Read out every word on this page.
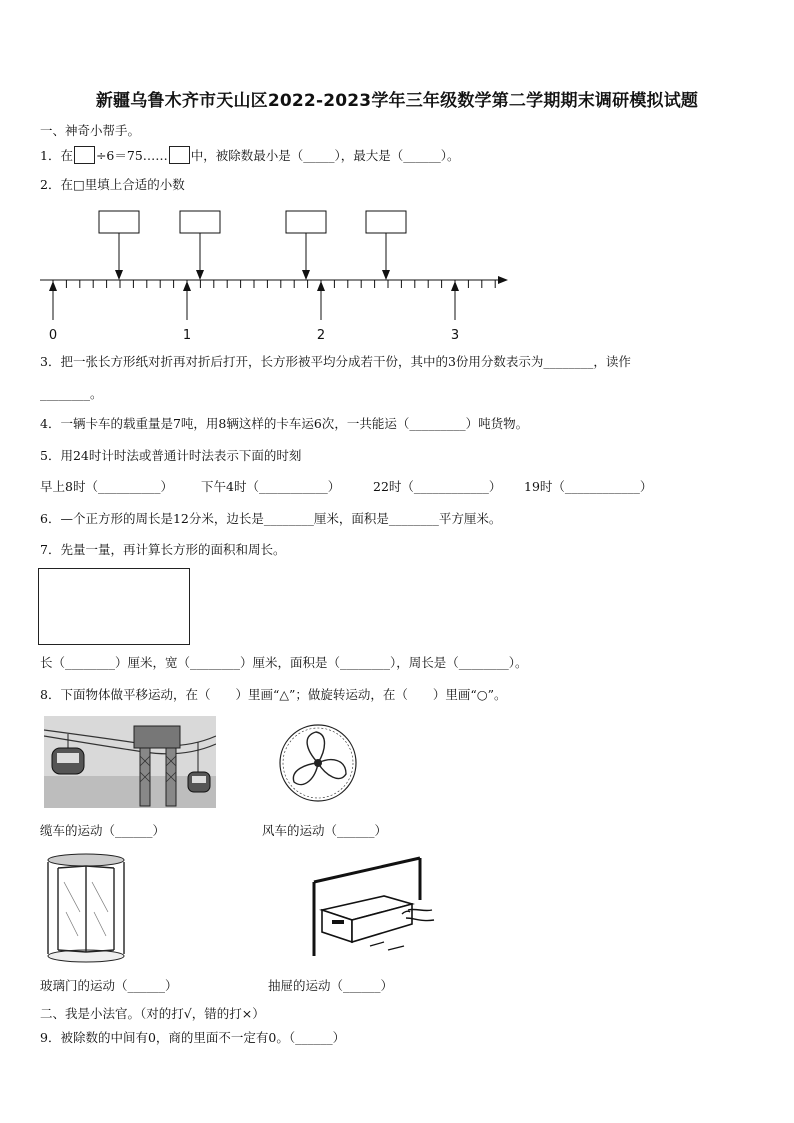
新疆乌鲁木齐市天山区2022-2023学年三年级数学第二学期期末调研模拟试题
一、神奇小帮手。
1．在 ÷6＝75…… 中，被除数最小是（_____），最大是（______）。
2．在□里填上合适的小数
0	1	2	3
3．把一张长方形纸对折再对折后打开，长方形被平均分成若干份，其中的3份用分数表示为________，读作
________。
4．一辆卡车的载重量是7吨，用8辆这样的卡车运6次，一共能运（_________）吨货物。
5．用24时计时法或普通计时法表示下面的时刻
早上8时（__________） 下午4时（___________）	22时（____________） 19时（____________）
6．—个正方形的周长是12分米，边长是________厘米，面积是________平方厘米。
7．先量一量，再计算长方形的面积和周长。
长（________）厘米，宽（________）厘米，面积是（________），周长是（________）。
8．下面物体做平移运动，在（　　）里画“△”；做旋转运动，在（　　）里画“○”。
缆车的运动（______）	风车的运动（______）
玻璃门的运动（______）	抽屉的运动（______）
二、我是小法官。（对的打√，错的打×）
9．被除数的中间有0，商的里面不一定有0。（______）
